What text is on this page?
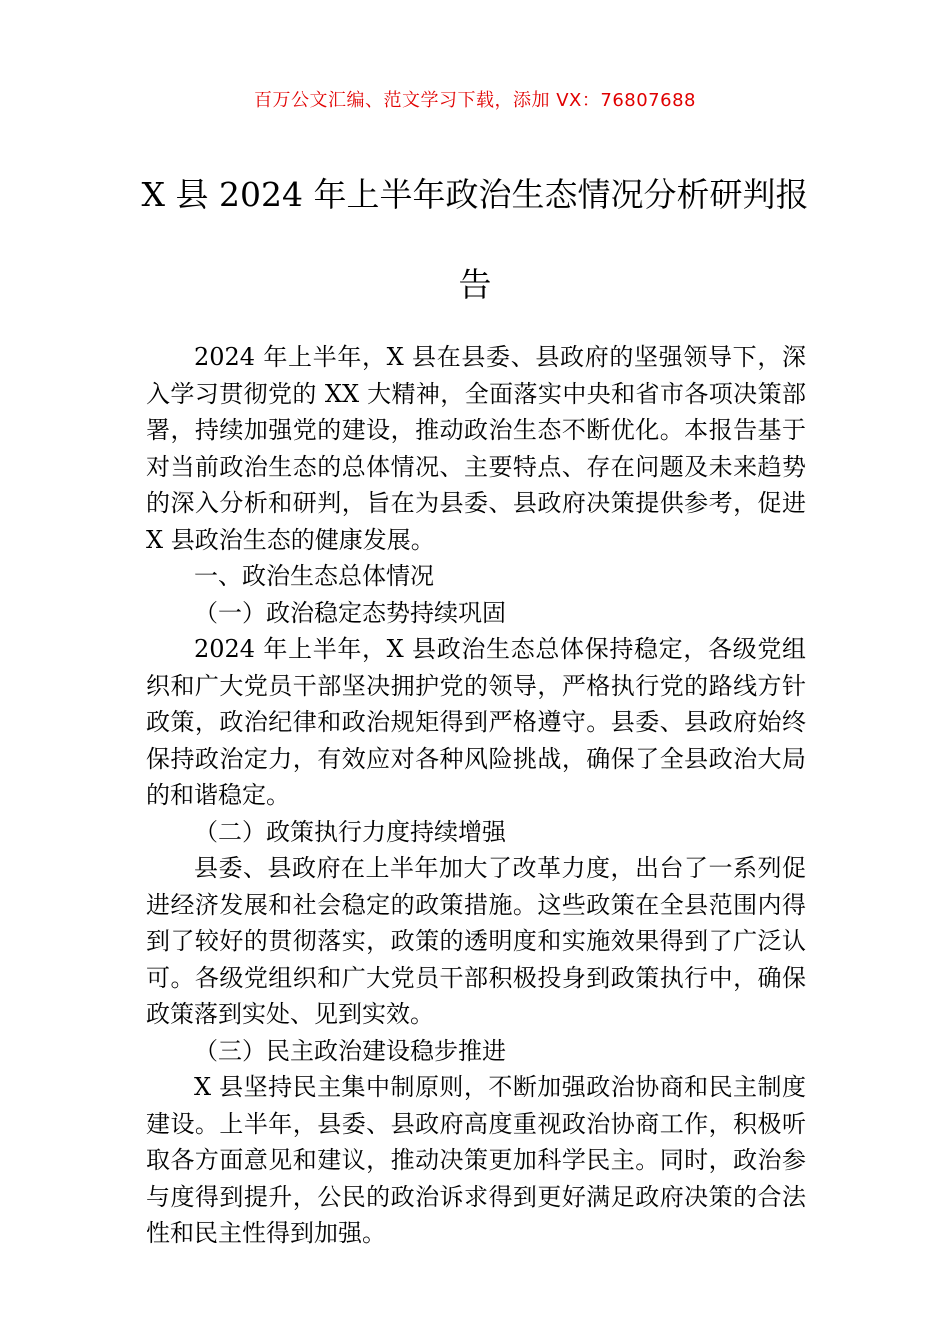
百万公文汇编、范文学习下载，添加 VX：76807688
X 县 2024 年上半年政治生态情况分析研判报告

2024 年上半年，X 县在县委、县政府的坚强领导下，深入学习贯彻党的 XX 大精神，全面落实中央和省市各项决策部署，持续加强党的建设，推动政治生态不断优化。本报告基于对当前政治生态的总体情况、主要特点、存在问题及未来趋势的深入分析和研判，旨在为县委、县政府决策提供参考，促进 X 县政治生态的健康发展。

一、政治生态总体情况

（一）政治稳定态势持续巩固

2024 年上半年，X 县政治生态总体保持稳定，各级党组织和广大党员干部坚决拥护党的领导，严格执行党的路线方针政策，政治纪律和政治规矩得到严格遵守。县委、县政府始终保持政治定力，有效应对各种风险挑战，确保了全县政治大局的和谐稳定。

（二）政策执行力度持续增强

县委、县政府在上半年加大了改革力度，出台了一系列促进经济发展和社会稳定的政策措施。这些政策在全县范围内得到了较好的贯彻落实，政策的透明度和实施效果得到了广泛认可。各级党组织和广大党员干部积极投身到政策执行中，确保政策落到实处、见到实效。

（三）民主政治建设稳步推进

X 县坚持民主集中制原则，不断加强政治协商和民主制度建设。上半年，县委、县政府高度重视政治协商工作，积极听取各方面意见和建议，推动决策更加科学民主。同时，政治参与度得到提升，公民的政治诉求得到更好满足政府决策的合法性和民主性得到加强。
